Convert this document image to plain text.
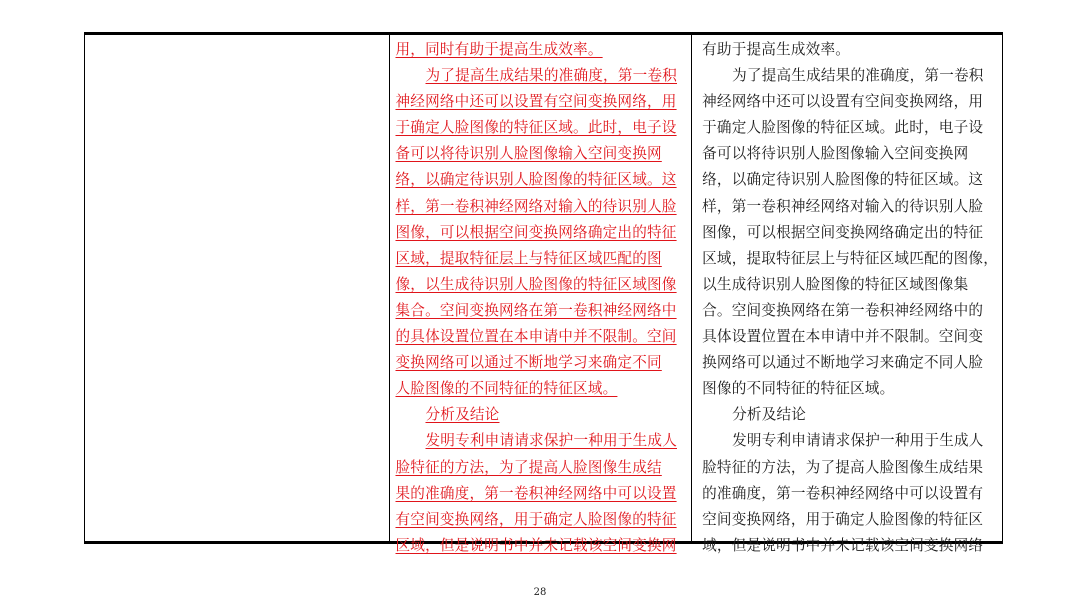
用，同时有助于提高生成效率。
为了提高生成结果的准确度，第一卷积
神经网络中还可以设置有空间变换网络，用
于确定人脸图像的特征区域。此时，电子设
备可以将待识别人脸图像输入空间变换网
络，以确定待识别人脸图像的特征区域。这
样，第一卷积神经网络对输入的待识别人脸
图像，可以根据空间变换网络确定出的特征
区域，提取特征层上与特征区域匹配的图
像，以生成待识别人脸图像的特征区域图像
集合。空间变换网络在第一卷积神经网络中
的具体设置位置在本申请中并不限制。空间
变换网络可以通过不断地学习来确定不同
人脸图像的不同特征的特征区域。
分析及结论
发明专利申请请求保护一种用于生成人
脸特征的方法，为了提高人脸图像生成结
果的准确度，第一卷积神经网络中可以设置
有空间变换网络，用于确定人脸图像的特征
区域，但是说明书中并未记载该空间变换网
有助于提高生成效率。
为了提高生成结果的准确度，第一卷积
神经网络中还可以设置有空间变换网络，用
于确定人脸图像的特征区域。此时，电子设
备可以将待识别人脸图像输入空间变换网
络，以确定待识别人脸图像的特征区域。这
样，第一卷积神经网络对输入的待识别人脸
图像，可以根据空间变换网络确定出的特征
区域，提取特征层上与特征区域匹配的图像，
以生成待识别人脸图像的特征区域图像集
合。空间变换网络在第一卷积神经网络中的
具体设置位置在本申请中并不限制。空间变
换网络可以通过不断地学习来确定不同人脸
图像的不同特征的特征区域。
分析及结论
发明专利申请请求保护一种用于生成人
脸特征的方法，为了提高人脸图像生成结果
的准确度，第一卷积神经网络中可以设置有
空间变换网络，用于确定人脸图像的特征区
域，但是说明书中并未记载该空间变换网络
28
